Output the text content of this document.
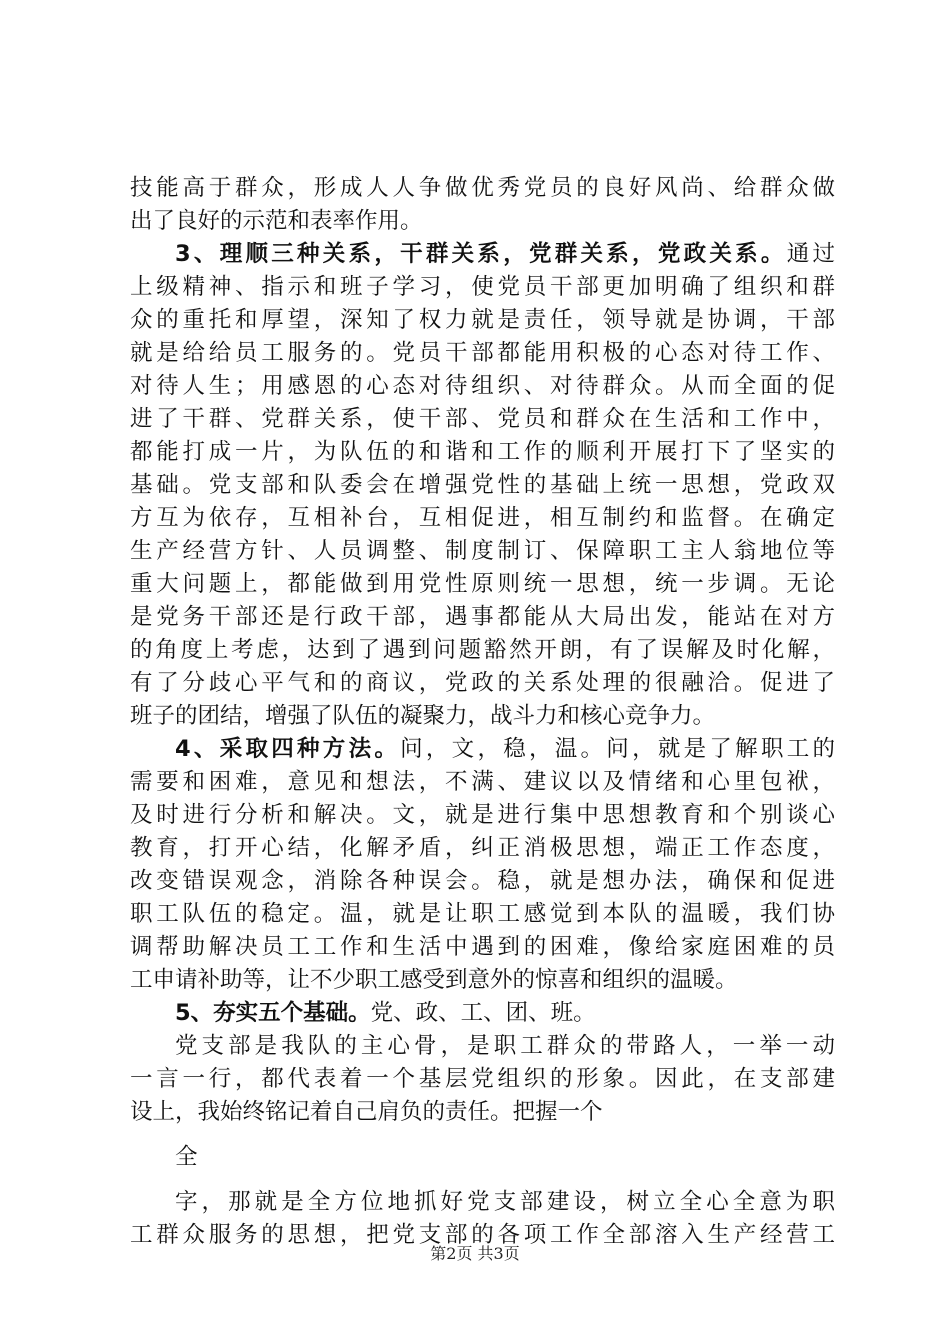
技能高于群众，形成人人争做优秀党员的良好风尚、给群众做
出了良好的示范和表率作用。
3、理顺三种关系，干群关系，党群关系，党政关系。通过
上级精神、指示和班子学习，使党员干部更加明确了组织和群
众的重托和厚望，深知了权力就是责任，领导就是协调，干部
就是给给员工服务的。党员干部都能用积极的心态对待工作、
对待人生；用感恩的心态对待组织、对待群众。从而全面的促
进了干群、党群关系，使干部、党员和群众在生活和工作中，
都能打成一片，为队伍的和谐和工作的顺利开展打下了坚实的
基础。党支部和队委会在增强党性的基础上统一思想，党政双
方互为依存，互相补台，互相促进，相互制约和监督。在确定
生产经营方针、人员调整、制度制订、保障职工主人翁地位等
重大问题上，都能做到用党性原则统一思想，统一步调。无论
是党务干部还是行政干部，遇事都能从大局出发，能站在对方
的角度上考虑，达到了遇到问题豁然开朗，有了误解及时化解，
有了分歧心平气和的商议，党政的关系处理的很融洽。促进了
班子的团结，增强了队伍的凝聚力，战斗力和核心竞争力。
4、采取四种方法。问，文，稳，温。问，就是了解职工的
需要和困难，意见和想法，不满、建议以及情绪和心里包袱，
及时进行分析和解决。文，就是进行集中思想教育和个别谈心
教育，打开心结，化解矛盾，纠正消极思想，端正工作态度，
改变错误观念，消除各种误会。稳，就是想办法，确保和促进
职工队伍的稳定。温，就是让职工感觉到本队的温暖，我们协
调帮助解决员工工作和生活中遇到的困难，像给家庭困难的员
工申请补助等，让不少职工感受到意外的惊喜和组织的温暖。
5、夯实五个基础。党、政、工、团、班。
党支部是我队的主心骨，是职工群众的带路人，一举一动
一言一行，都代表着一个基层党组织的形象。因此，在支部建
设上，我始终铭记着自己肩负的责任。把握一个
全
字，那就是全方位地抓好党支部建设，树立全心全意为职
工群众服务的思想，把党支部的各项工作全部溶入生产经营工
第2页 共3页
